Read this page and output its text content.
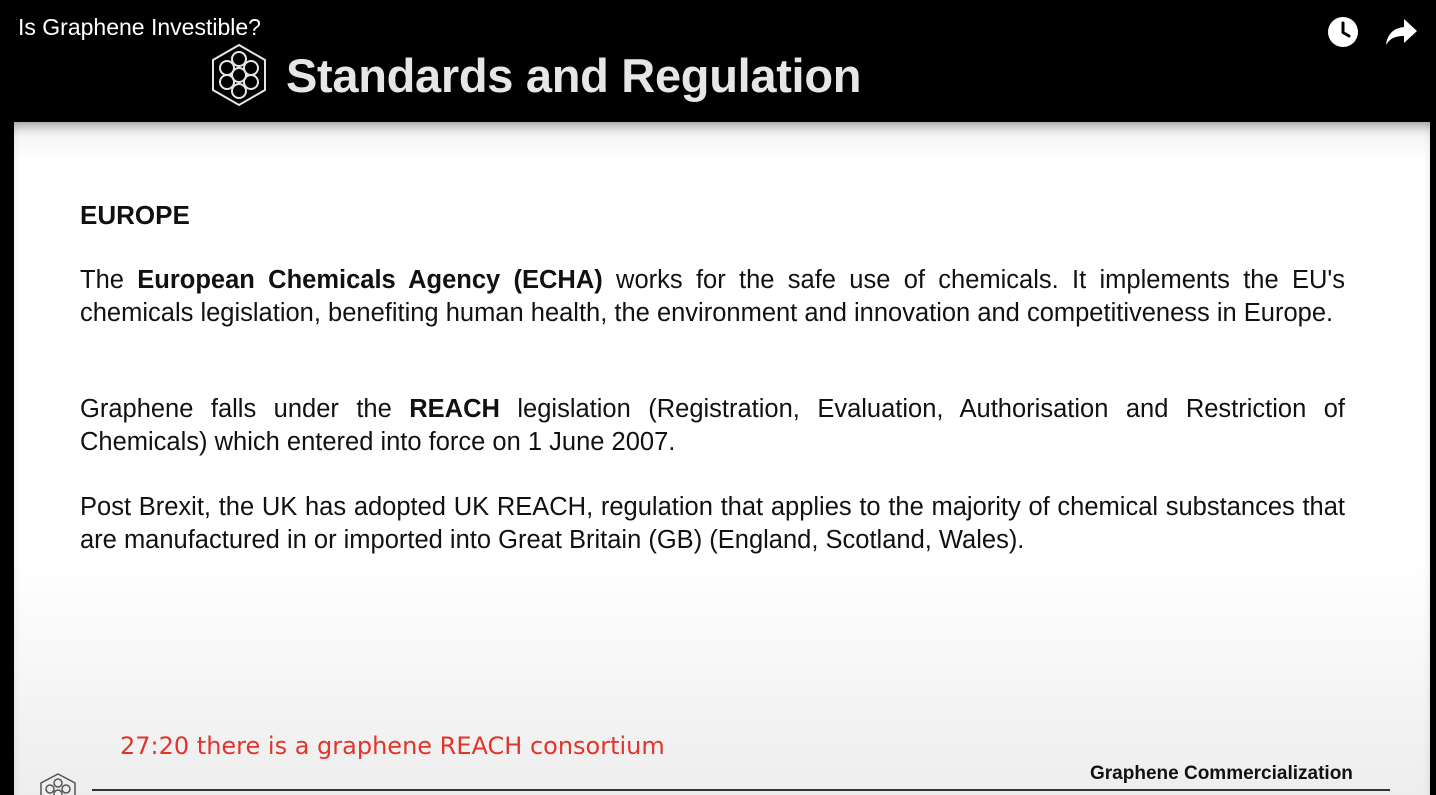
Is Graphene Investible?
Standards and Regulation
EUROPE
The European Chemicals Agency (ECHA) works for the safe use of chemicals. It implements the EU's chemicals legislation, benefiting human health, the environment and innovation and competitiveness in Europe.
Graphene falls under the REACH legislation (Registration, Evaluation, Authorisation and Restriction of Chemicals) which entered into force on 1 June 2007.
Post Brexit, the UK has adopted UK REACH, regulation that applies to the majority of chemical substances that are manufactured in or imported into Great Britain (GB) (England, Scotland, Wales).
27:20 there is a graphene REACH consortium
Graphene Commercialization
